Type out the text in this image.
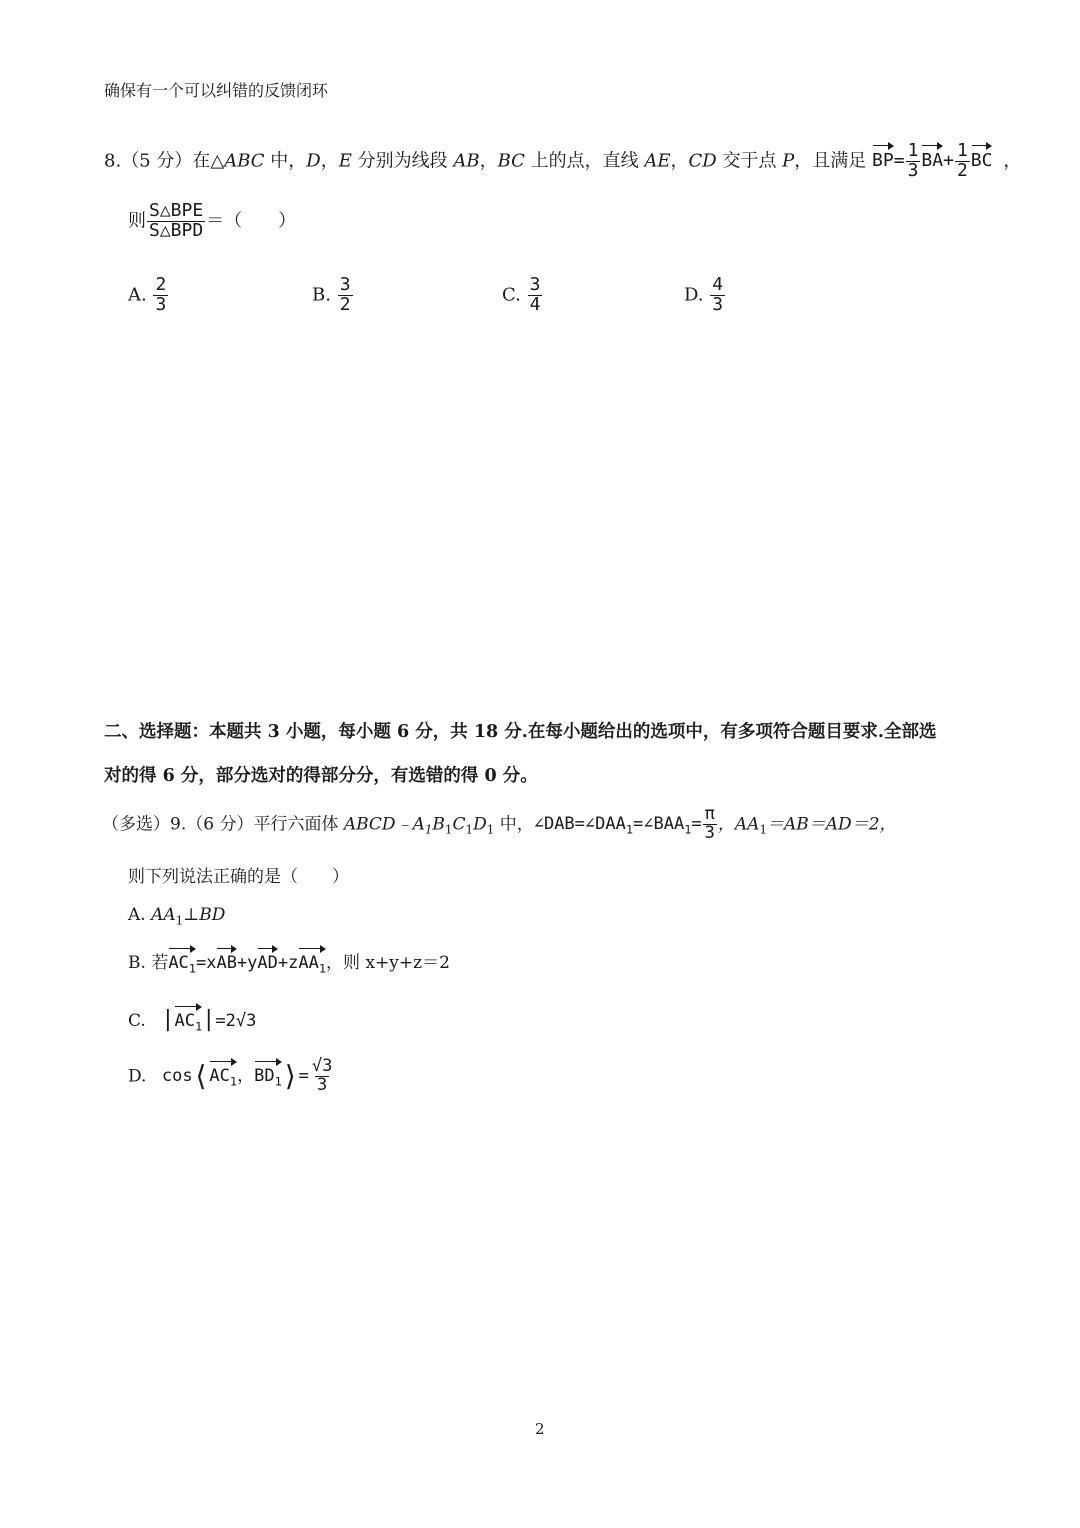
确保有一个可以纠错的反馈闭环
8.（5 分）在△ABC 中，D，E 分别为线段 AB，BC 上的点，直线 AE，CD 交于点 P，且满足 $BP= \frac{1}{3} BA+ \frac{1}{2}$ BC ，
则 $\frac{\text{S△BPE}}{\text{S△BPD}}$ ＝（　　）
A. $\frac{2}{3}$	B. $\frac{3}{2}$	C. $\frac{3}{4}$	D. $\frac{4}{3}$
二、选择题：本题共 3 小题，每小题 6 分，共 18 分.在每小题给出的选项中，有多项符合题目要求.全部选
对的得 6 分，部分选对的得部分分，有选错的得 0 分。
（多选）9.（6 分）平行六面体 $ABCD﹣A_1B_1C_1D_1$ 中，$\angle DAB=\angle DAA_1=\angle BAA_1= \frac{\pi}{3}$ ，$AA_1=AB=AD=2$，
则下列说法正确的是（　　）
A. $AA_1\perp BD$
B. 若$AC_1=xAB+yAD+zAA_1$，则 x+y+z＝2
C. $|AC_1|=2√3$
D. $\cos⟨AC_1$，$BD_1⟩= \frac{√3}{3}$
2
